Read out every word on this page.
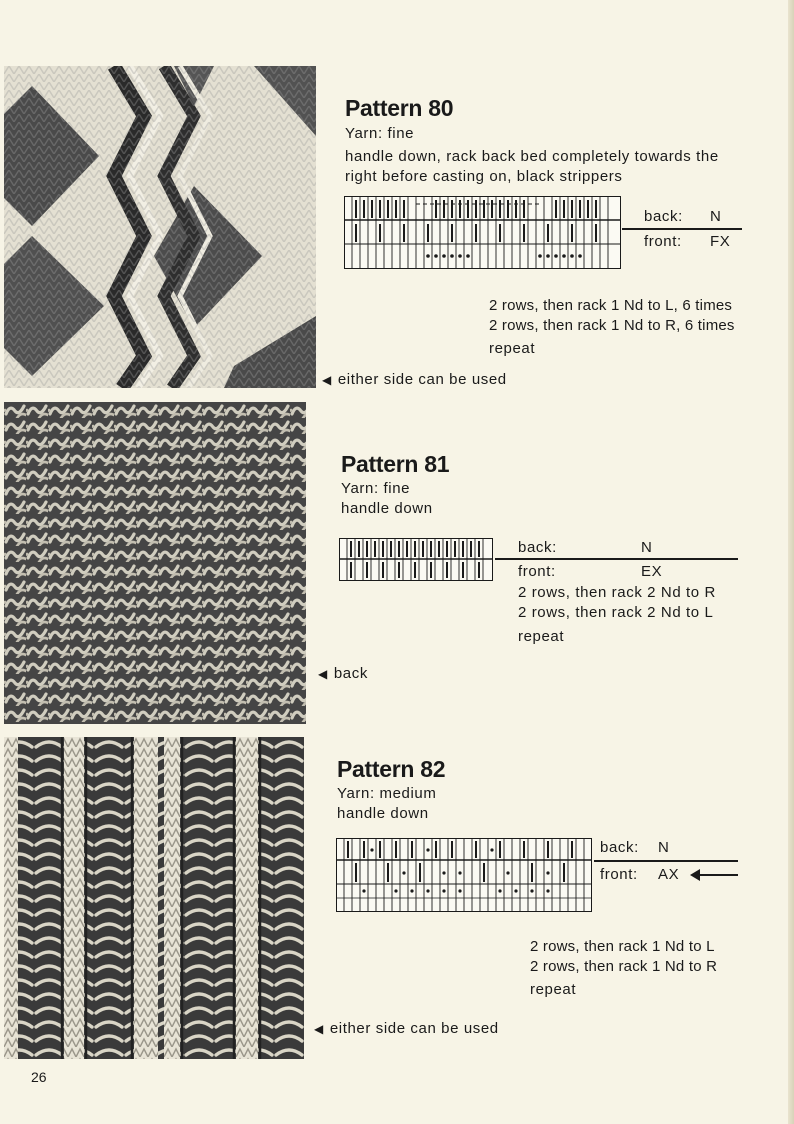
Pattern 80
Yarn: fine
handle down, rack back bed completely towards the
right before casting on, black strippers
back: N
front: FX
2 rows, then rack 1 Nd to L, 6 times
2 rows, then rack 1 Nd to R, 6 times
repeat
◀ either side can be used
Pattern 81
Yarn: fine
handle down
back:	N
front:	EX
2 rows, then rack 2 Nd to R
2 rows, then rack 2 Nd to L
repeat
◀ back
Pattern 82
Yarn: medium
handle down
back: N
front: AX
2 rows, then rack 1 Nd to L
2 rows, then rack 1 Nd to R
repeat
◀ either side can be used
26
